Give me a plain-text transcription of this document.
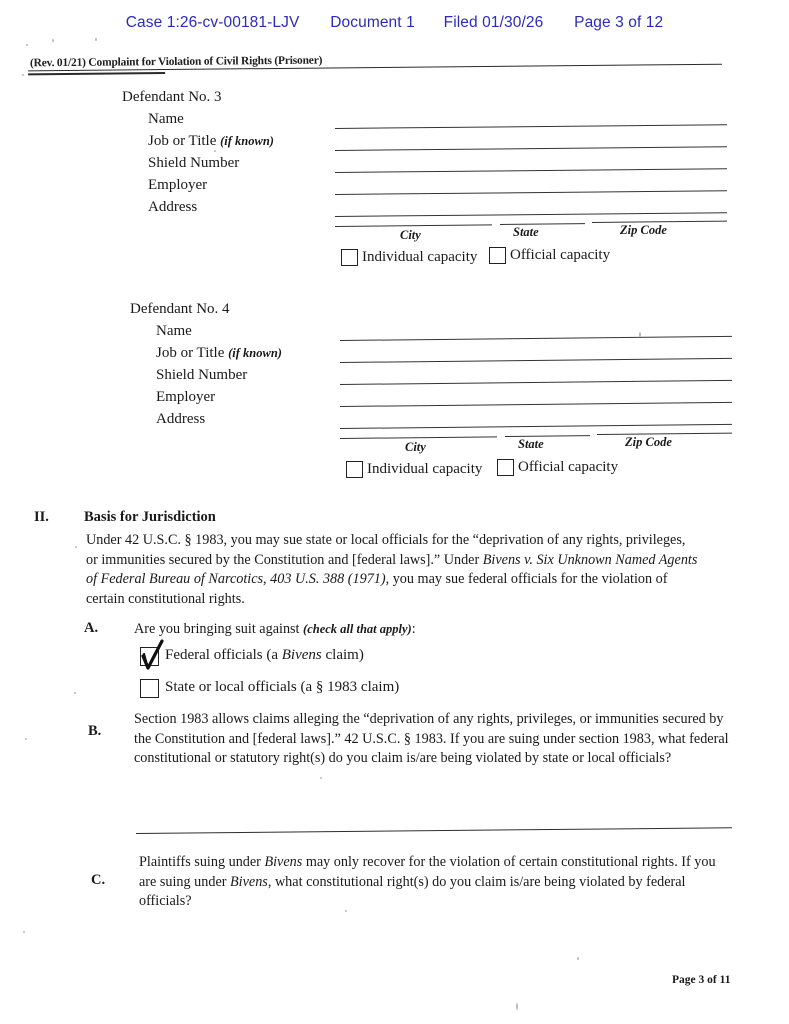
Case 1:26-cv-00181-LJV Document 1 Filed 01/30/26 Page 3 of 12
(Rev. 01/21) Complaint for Violation of Civil Rights (Prisoner)
Defendant No. 3
Name
Job or Title (if known)
Shield Number
Employer
Address
City	State	Zip Code
Individual capacity Official capacity
Defendant No. 4
Name
Job or Title (if known)
Shield Number
Employer
Address
City	State	Zip Code
Individual capacity Official capacity
II. Basis for Jurisdiction
Under 42 U.S.C. § 1983, you may sue state or local officials for the “deprivation of any rights, privileges, or immunities secured by the Constitution and [federal laws].” Under Bivens v. Six Unknown Named Agents of Federal Bureau of Narcotics, 403 U.S. 388 (1971), you may sue federal officials for the violation of certain constitutional rights.
A.	Are you bringing suit against (check all that apply):
Federal officials (a Bivens claim)
State or local officials (a § 1983 claim)
B.
Section 1983 allows claims alleging the “deprivation of any rights, privileges, or immunities secured by the Constitution and [federal laws].” 42 U.S.C. § 1983. If you are suing under section 1983, what federal constitutional or statutory right(s) do you claim is/are being violated by state or local officials?
C.
Plaintiffs suing under Bivens may only recover for the violation of certain constitutional rights. If you are suing under Bivens, what constitutional right(s) do you claim is/are being violated by federal officials?
Page 3 of 11
